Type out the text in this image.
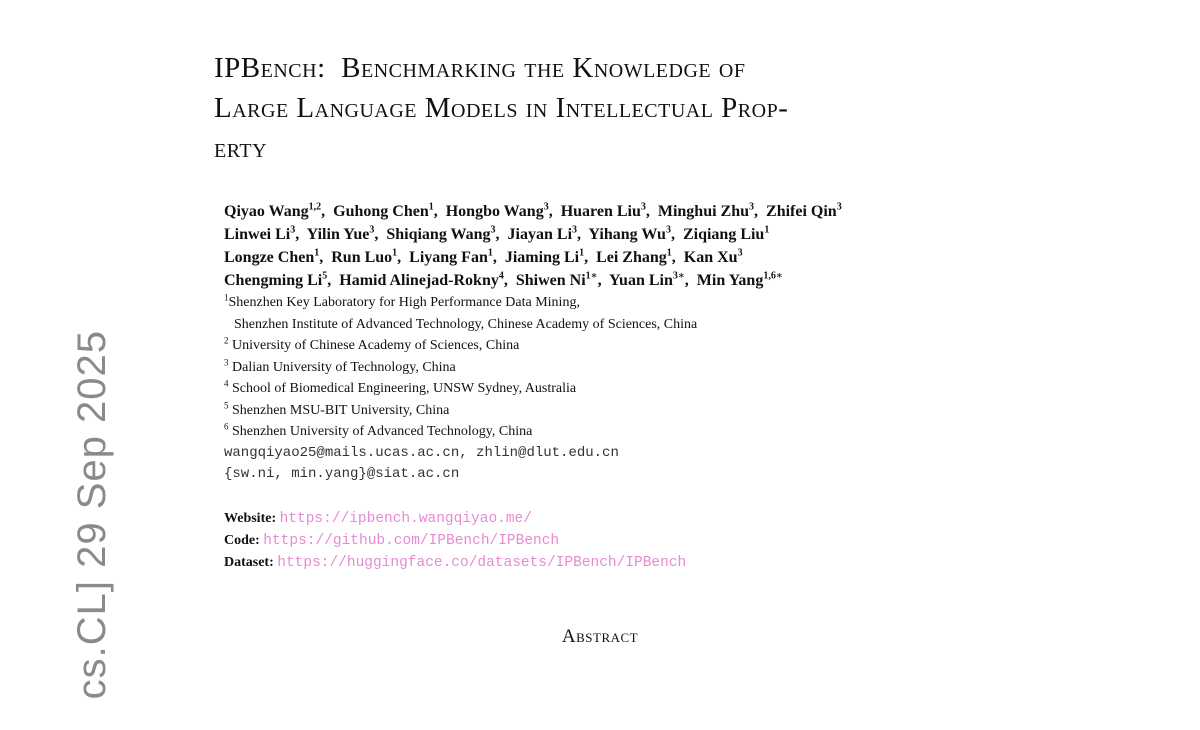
cs.CL] 29 Sep 2025
IPBench:  Benchmarking the Knowledge of
Large Language Models in Intellectual Prop-
erty
Qiyao Wang$^{1,2}$,  Guhong Chen$^1$,  Hongbo Wang$^3$,  Huaren Liu$^3$,  Minghui Zhu$^3$,  Zhifei Qin$^3$
Linwei Li$^3$,  Yilin Yue$^3$,  Shiqiang Wang$^3$,  Jiayan Li$^3$,  Yihang Wu$^3$,  Ziqiang Liu$^1$
Longze Chen$^1$,  Run Luo$^1$,  Liyang Fan$^1$,  Jiaming Li$^1$,  Lei Zhang$^1$,  Kan Xu$^3$
Chengming Li$^5$,  Hamid Alinejad-Rokny$^4$,  Shiwen $Ni^{1∗}$,  Yuan Lin$^{3∗}$,  Min Yang$^{1,6∗}$
$^1$Shenzhen Key Laboratory for High Performance Data Mining,
Shenzhen Institute of Advanced Technology, Chinese Academy of Sciences, China
$^2$ University of Chinese Academy of Sciences, China
$^3$ Dalian University of Technology, China
$^4$ School of Biomedical Engineering, UNSW Sydney, Australia
$^5$ Shenzhen MSU-BIT University, China
$^6$ Shenzhen University of Advanced Technology, China
wangqiyao25@mails.ucas.ac.cn, zhlin@dlut.edu.cn
{sw.ni, min.yang}@siat.ac.cn
Website: https://ipbench.wangqiyao.me/
Code: https://github.com/IPBench/IPBench
Dataset: https://huggingface.co/datasets/IPBench/IPBench
Abstract
